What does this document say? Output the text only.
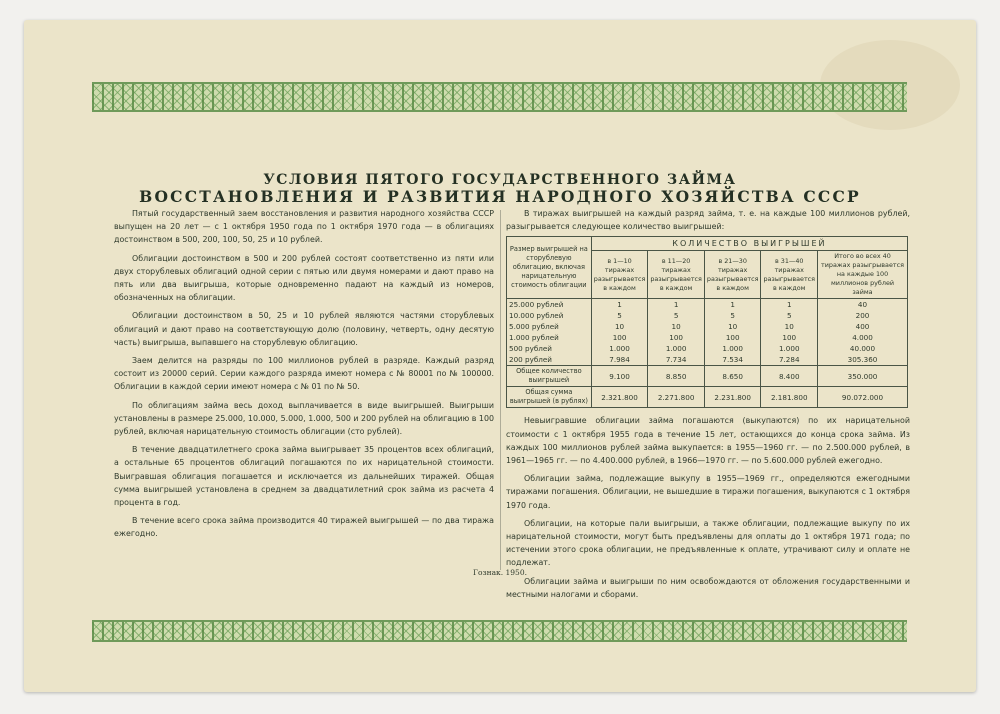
УСЛОВИЯ ПЯТОГО ГОСУДАРСТВЕННОГО ЗАЙМА
ВОССТАНОВЛЕНИЯ И РАЗВИТИЯ НАРОДНОГО ХОЗЯЙСТВА СССР

Пятый государственный заем восстановления и развития народного хозяйства СССР выпущен на 20 лет — с 1 октября 1950 года по 1 октября 1970 года — в облигациях достоинством в 500, 200, 100, 50, 25 и 10 рублей.

Облигации достоинством в 500 и 200 рублей состоят соответственно из пяти или двух сторублевых облигаций одной серии с пятью или двумя номерами и дают право на пять или два выигрыша, которые одновременно падают на каждый из номеров, обозначенных на облигации.

Облигации достоинством в 50, 25 и 10 рублей являются частями сторублевых облигаций и дают право на соответствующую долю (половину, четверть, одну десятую часть) выигрыша, выпавшего на сторублевую облигацию.

Заем делится на разряды по 100 миллионов рублей в разряде. Каждый разряд состоит из 20000 серий. Серии каждого разряда имеют номера с № 80001 по № 100000. Облигации в каждой серии имеют номера с № 01 по № 50.

По облигациям займа весь доход выплачивается в виде выигрышей. Выигрыши установлены в размере 25.000, 10.000, 5.000, 1.000, 500 и 200 рублей на облигацию в 100 рублей, включая нарицательную стоимость облигации (сто рублей).

В течение двадцатилетнего срока займа выигрывает 35 процентов всех облигаций, а остальные 65 процентов облигаций погашаются по их нарицательной стоимости. Выигравшая облигация погашается и исключается из дальнейших тиражей. Общая сумма выигрышей установлена в среднем за двадцатилетний срок займа из расчета 4 процента в год.

В течение всего срока займа производится 40 тиражей выигрышей — по два тиража ежегодно.

В тиражах выигрышей на каждый разряд займа, т. е. на каждые 100 миллионов рублей, разыгрывается следующее количество выигрышей:

Размер выигрышей на сторублевую облигацию, включая нарицательную стоимость облигации	КОЛИЧЕСТВО ВЫИГРЫШЕЙ				
	в 1—10 тиражах разыгрывается в каждом	в 11—20 тиражах разыгрывается в каждом	в 21—30 тиражах разыгрывается в каждом	в 31—40 тиражах разыгрывается в каждом	Итого во всех 40 тиражах разыгрывается на каждые 100 миллионов рублей займа
25.000 рублей	1	1	1	1	40
10.000 рублей	5	5	5	5	200
5.000 рублей	10	10	10	10	400
1.000 рублей	100	100	100	100	4.000
500 рублей	1.000	1.000	1.000	1.000	40.000
200 рублей	7.984	7.734	7.534	7.284	305.360
Общее количество выигрышей	9.100	8.850	8.650	8.400	350.000
Общая сумма выигрышей (в рублях)	2.321.800	2.271.800	2.231.800	2.181.800	90.072.000

Невыигравшие облигации займа погашаются (выкупаются) по их нарицательной стоимости с 1 октября 1955 года в течение 15 лет, остающихся до конца срока займа. Из каждых 100 миллионов рублей займа выкупается: в 1955—1960 гг. — по 2.500.000 рублей, в 1961—1965 гг. — по 4.400.000 рублей, в 1966—1970 гг. — по 5.600.000 рублей ежегодно.

Облигации займа, подлежащие выкупу в 1955—1969 гг., определяются ежегодными тиражами погашения. Облигации, не вышедшие в тиражи погашения, выкупаются с 1 октября 1970 года.

Облигации, на которые пали выигрыши, а также облигации, подлежащие выкупу по их нарицательной стоимости, могут быть предъявлены для оплаты до 1 октября 1971 года; по истечении этого срока облигации, не предъявленные к оплате, утрачивают силу и оплате не подлежат.

Облигации займа и выигрыши по ним освобождаются от обложения государственными и местными налогами и сборами.

Гознак. 1950.
